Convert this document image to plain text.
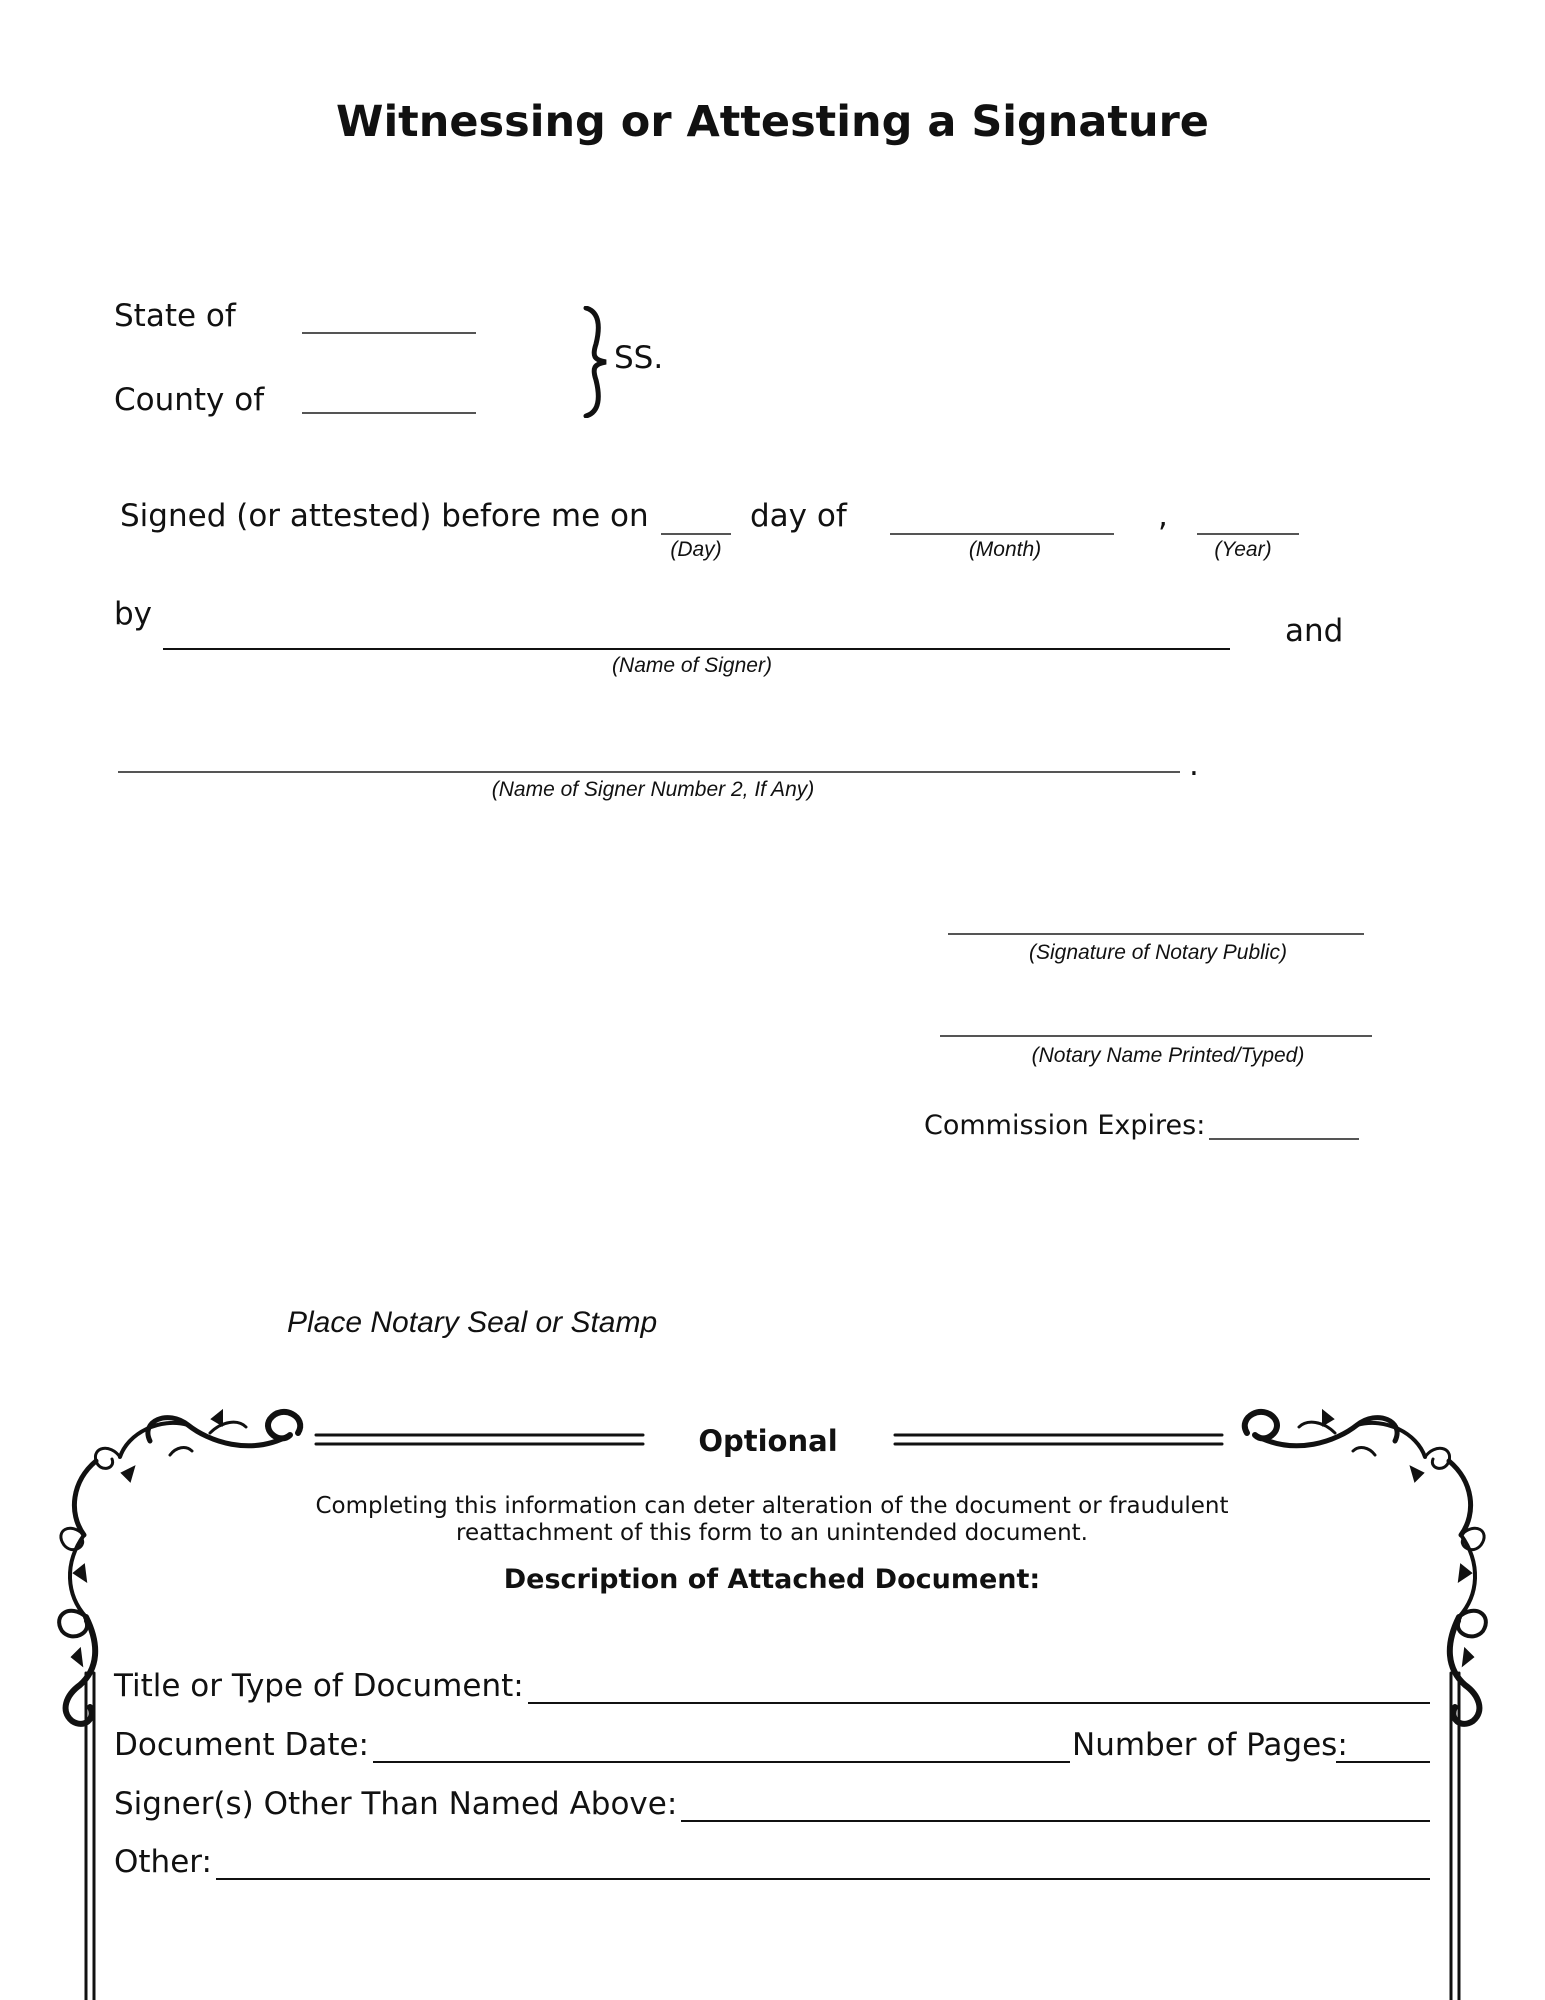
Witnessing or Attesting a Signature
State of
County of
SS.
Signed (or attested) before me on
(Day)
day of
(Month)
,
(Year)
by
(Name of Signer)
and
.
(Name of Signer Number 2, If Any)
(Signature of Notary Public)
(Notary Name Printed/Typed)
Commission Expires:
Place Notary Seal or Stamp
Optional
Completing this information can deter alteration of the document or fraudulent
reattachment of this form to an unintended document.
Description of Attached Document:
Title or Type of Document:
Document Date:	Number of Pages:
Signer(s) Other Than Named Above:
Other:
